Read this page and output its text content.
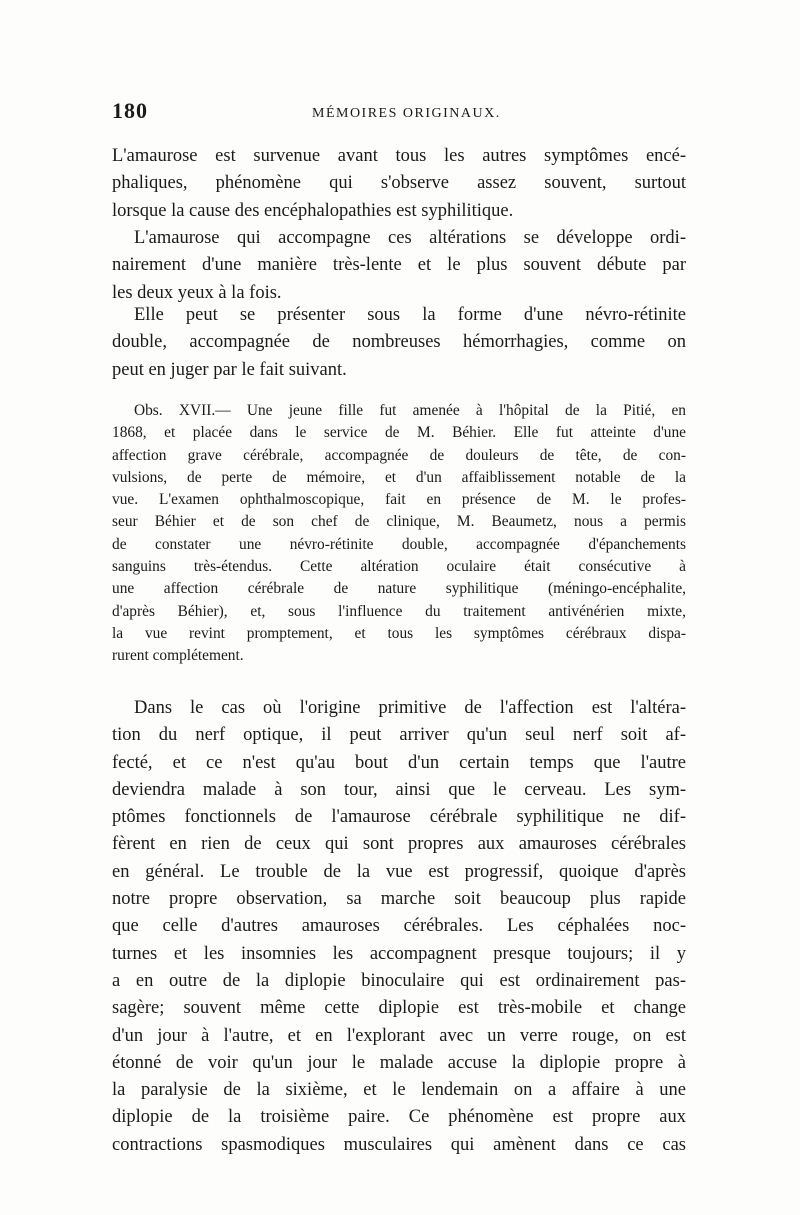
180	MÉMOIRES ORIGINAUX.
L'amaurose est survenue avant tous les autres symptômes encé-
phaliques, phénomène qui s'observe assez souvent, surtout
lorsque la cause des encéphalopathies est syphilitique.
L'amaurose qui accompagne ces altérations se développe ordi-
nairement d'une manière très-lente et le plus souvent débute par
les deux yeux à la fois.
Elle peut se présenter sous la forme d'une névro-rétinite
double, accompagnée de nombreuses hémorrhagies, comme on
peut en juger par le fait suivant.
Obs. XVII.— Une jeune fille fut amenée à l'hôpital de la Pitié, en
1868, et placée dans le service de M. Béhier. Elle fut atteinte d'une
affection grave cérébrale, accompagnée de douleurs de tête, de con-
vulsions, de perte de mémoire, et d'un affaiblissement notable de la
vue. L'examen ophthalmoscopique, fait en présence de M. le profes-
seur Béhier et de son chef de clinique, M. Beaumetz, nous a permis
de constater une névro-rétinite double, accompagnée d'épanchements
sanguins très-étendus. Cette altération oculaire était consécutive à
une affection cérébrale de nature syphilitique (méningo-encéphalite,
d'après Béhier), et, sous l'influence du traitement antivénérien mixte,
la vue revint promptement, et tous les symptômes cérébraux dispa-
rurent complétement.
Dans le cas où l'origine primitive de l'affection est l'altéra-
tion du nerf optique, il peut arriver qu'un seul nerf soit af-
fecté, et ce n'est qu'au bout d'un certain temps que l'autre
deviendra malade à son tour, ainsi que le cerveau. Les sym-
ptômes fonctionnels de l'amaurose cérébrale syphilitique ne dif-
fèrent en rien de ceux qui sont propres aux amauroses cérébrales
en général. Le trouble de la vue est progressif, quoique d'après
notre propre observation, sa marche soit beaucoup plus rapide
que celle d'autres amauroses cérébrales. Les céphalées noc-
turnes et les insomnies les accompagnent presque toujours; il y
a en outre de la diplopie binoculaire qui est ordinairement pas-
sagère; souvent même cette diplopie est très-mobile et change
d'un jour à l'autre, et en l'explorant avec un verre rouge, on est
étonné de voir qu'un jour le malade accuse la diplopie propre à
la paralysie de la sixième, et le lendemain on a affaire à une
diplopie de la troisième paire. Ce phénomène est propre aux
contractions spasmodiques musculaires qui amènent dans ce cas
